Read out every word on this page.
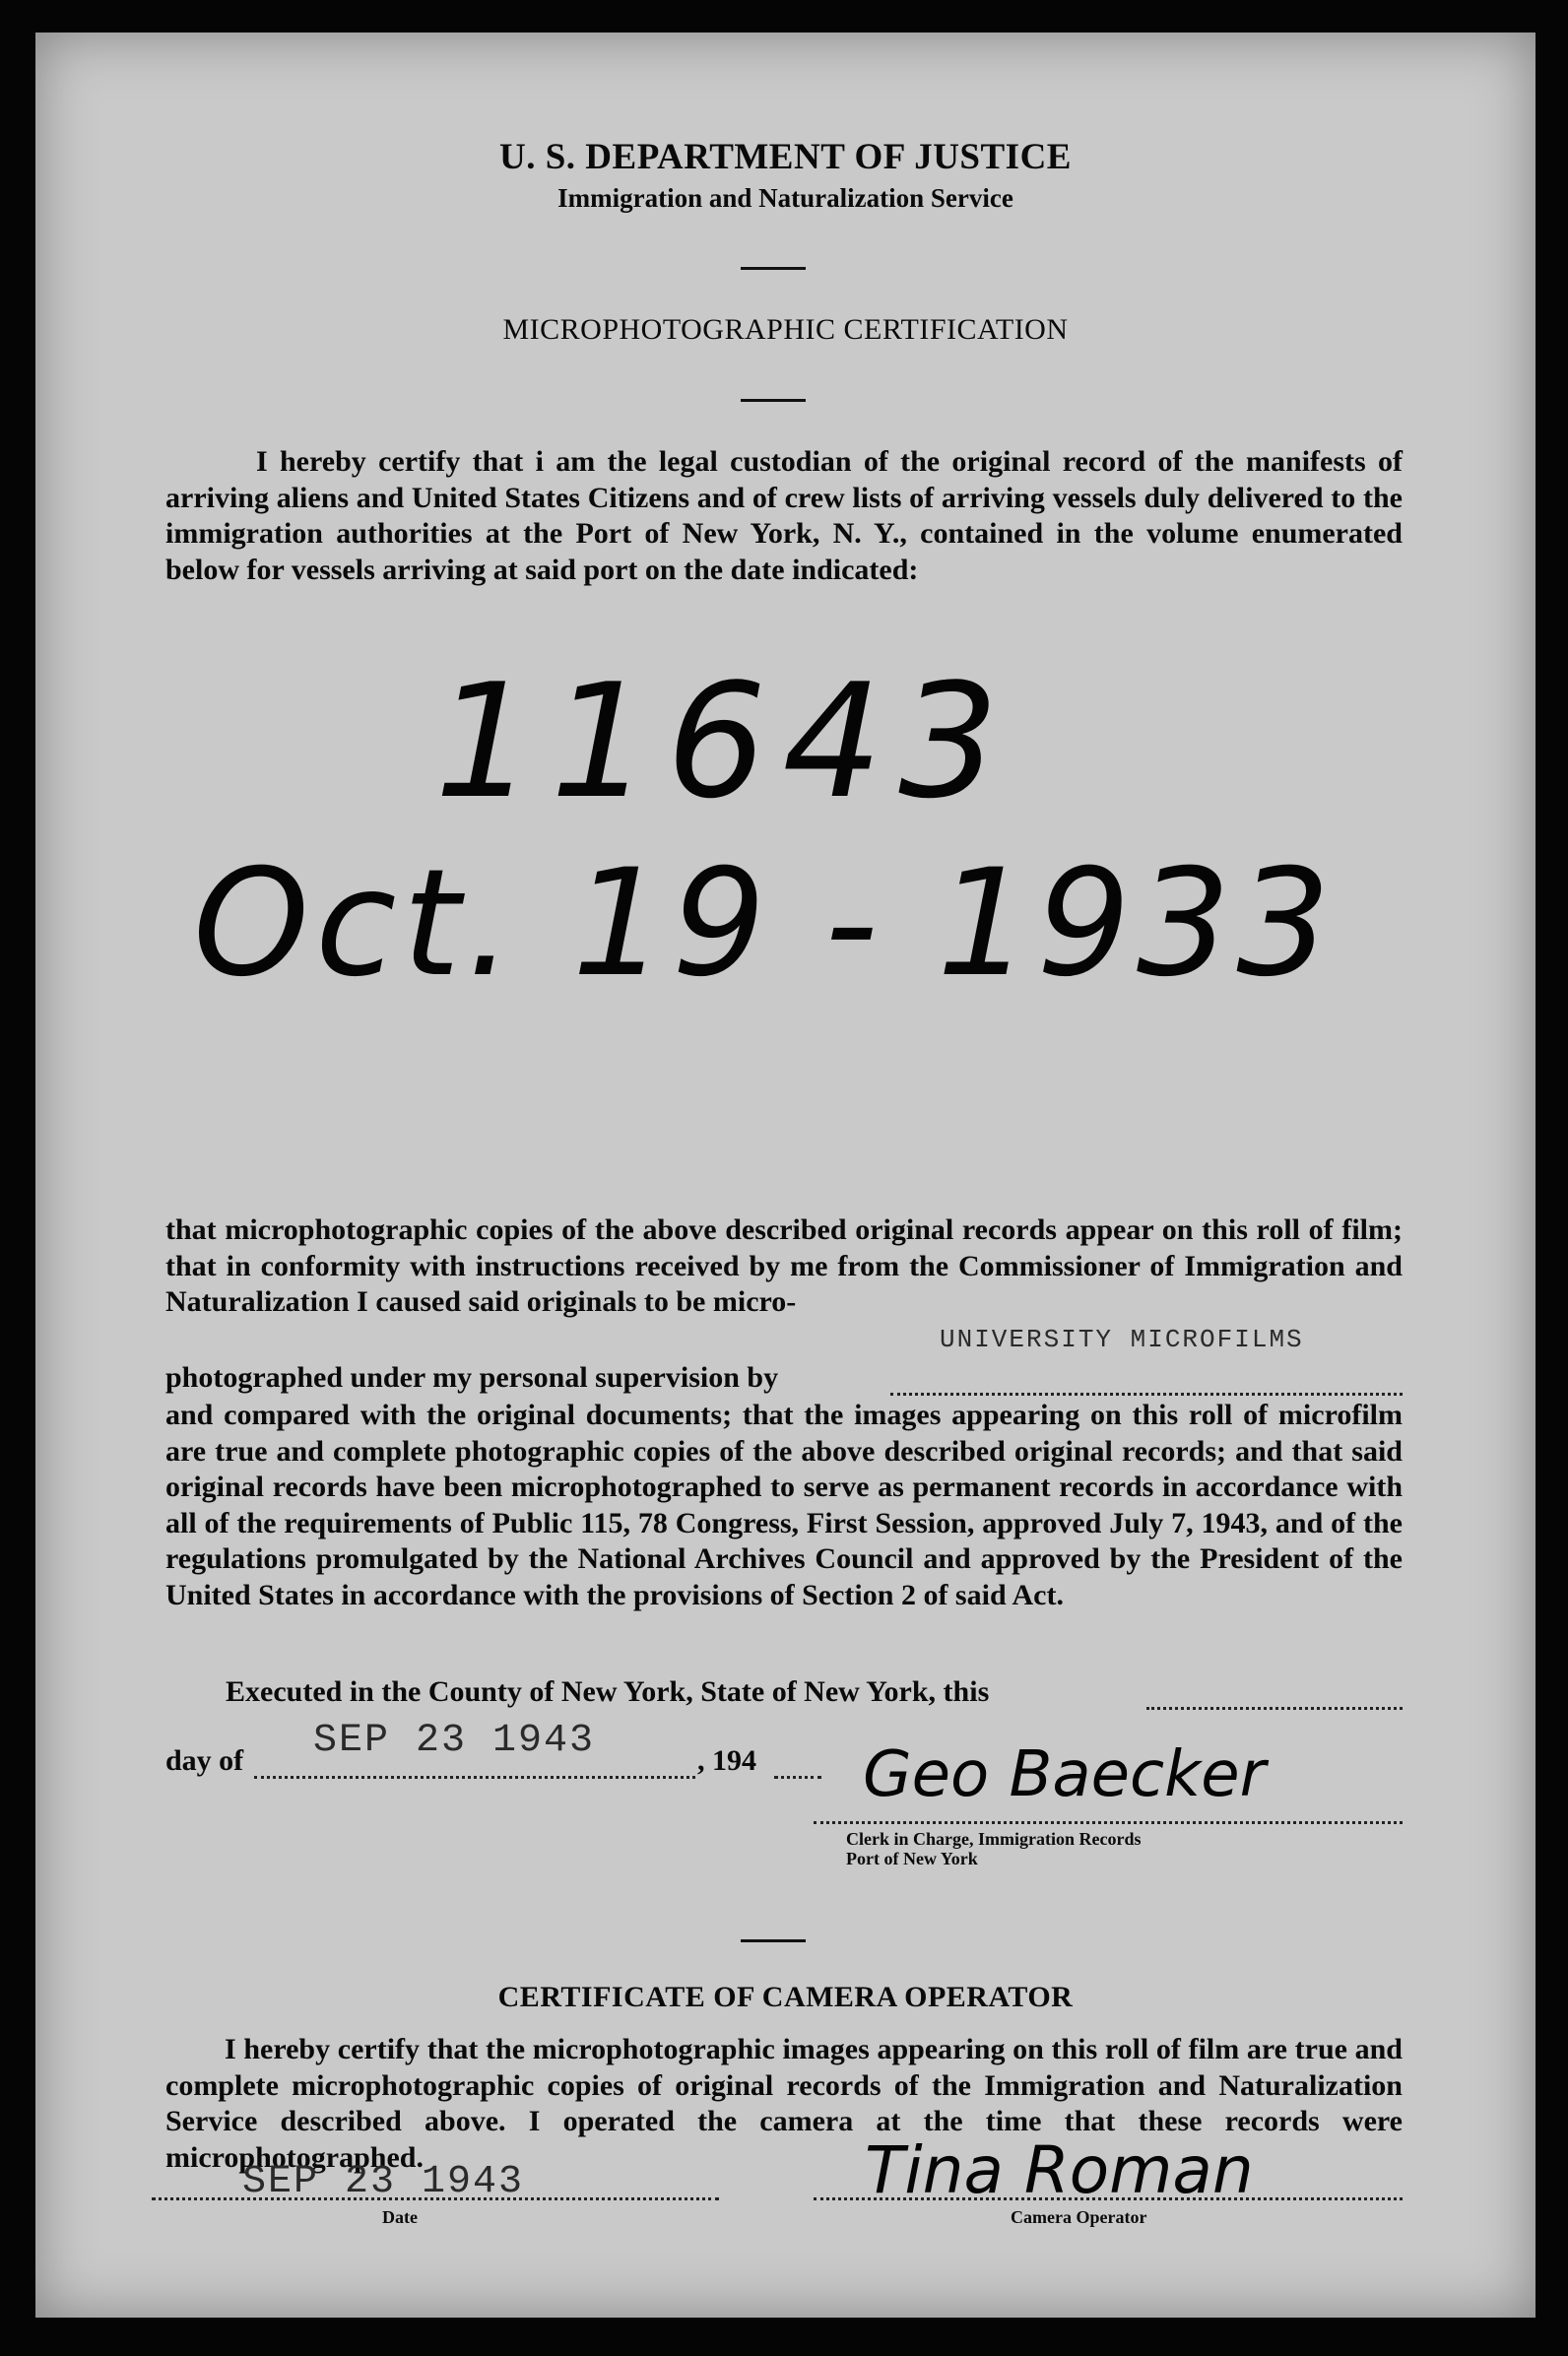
U. S. DEPARTMENT OF JUSTICE
Immigration and Naturalization Service
MICROPHOTOGRAPHIC CERTIFICATION
I hereby certify that i am the legal custodian of the original record of the manifests of arriving aliens and United States Citizens and of crew lists of arriving vessels duly delivered to the immigration authorities at the Port of New York, N. Y., contained in the volume enumerated below for vessels arriving at said port on the date indicated:
11643
Oct. 19 - 1933
that microphotographic copies of the above described original records appear on this roll of film; that in conformity with instructions received by me from the Commissioner of Immigration and Naturalization I caused said originals to be micro-
photographed under my personal supervision by
UNIVERSITY MICROFILMS
and compared with the original documents; that the images appearing on this roll of microfilm are true and complete photographic copies of the above described original records; and that said original records have been microphotographed to serve as permanent records in accordance with all of the requirements of Public 115, 78 Congress, First Session, approved July 7, 1943, and of the regulations promulgated by the National Archives Council and approved by the President of the United States in accordance with the provisions of Section 2 of said Act.
Executed in the County of New York, State of New York, this
day of SEP 23 1943	, 194 Geo Baecker
Clerk in Charge, Immigration Records
Port of New York
CERTIFICATE OF CAMERA OPERATOR
I hereby certify that the microphotographic images appearing on this roll of film are true and complete microphotographic copies of original records of the Immigration and Naturalization Service described above. I operated the camera at the time that these records were microphotographed.
SEP 23 1943
Date
Tina Roman
Camera Operator
